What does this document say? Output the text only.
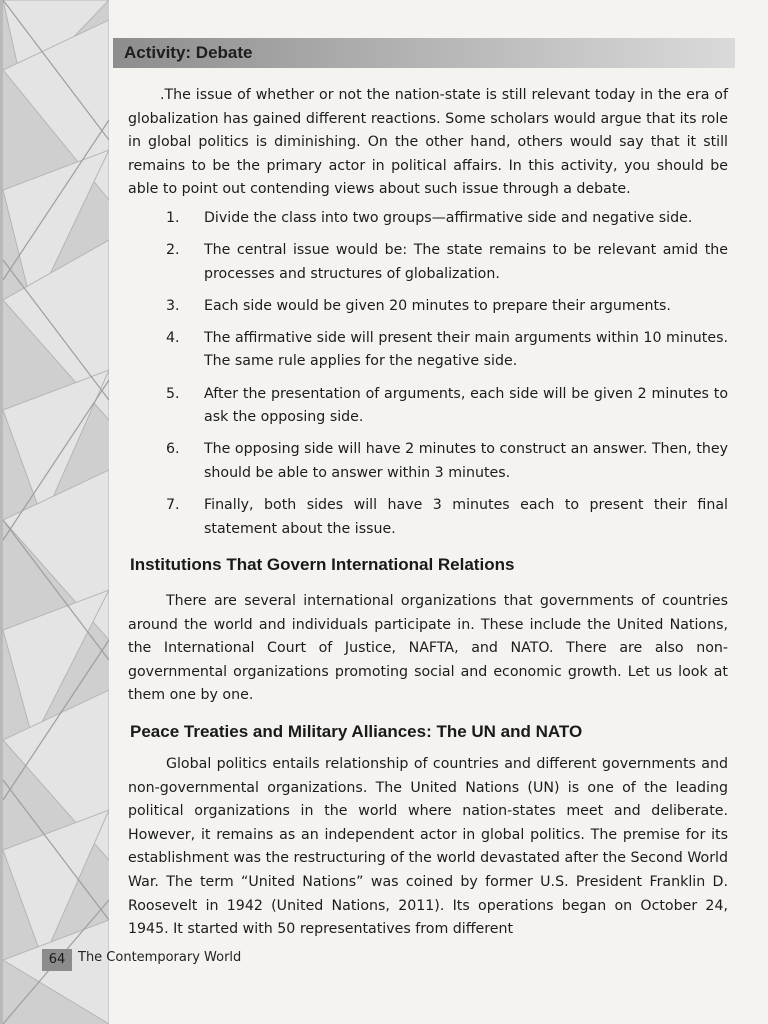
Activity: Debate

.The issue of whether or not the nation-state is still relevant today in the era of globalization has gained different reactions. Some scholars would argue that its role in global politics is diminishing. On the other hand, others would say that it still remains to be the primary actor in political affairs. In this activity, you should be able to point out contending views about such issue through a debate.

1.	Divide the class into two groups—affirmative side and negative side.
2.	The central issue would be: The state remains to be relevant amid the processes and structures of globalization.
3.	Each side would be given 20 minutes to prepare their arguments.
4.	The affirmative side will present their main arguments within 10 minutes. The same rule applies for the negative side.
5.	After the presentation of arguments, each side will be given 2 minutes to ask the opposing side.
6.	The opposing side will have 2 minutes to construct an answer. Then, they should be able to answer within 3 minutes.
7.	Finally, both sides will have 3 minutes each to present their final statement about the issue.
Institutions That Govern International Relations

There are several international organizations that governments of countries around the world and individuals participate in. These include the United Nations, the International Court of Justice, NAFTA, and NATO. There are also non-governmental organizations promoting social and economic growth. Let us look at them one by one.

Peace Treaties and Military Alliances: The UN and NATO

Global politics entails relationship of countries and different governments and non-governmental organizations. The United Nations (UN) is one of the leading political organizations in the world where nation-states meet and deliberate. However, it remains as an independent actor in global politics. The premise for its establishment was the restructuring of the world devastated after the Second World War. The term “United Nations” was coined by former U.S. President Franklin D. Roosevelt in 1942 (United Nations, 2011). Its operations began on October 24, 1945. It started with 50 representatives from different

64 The Contemporary World
